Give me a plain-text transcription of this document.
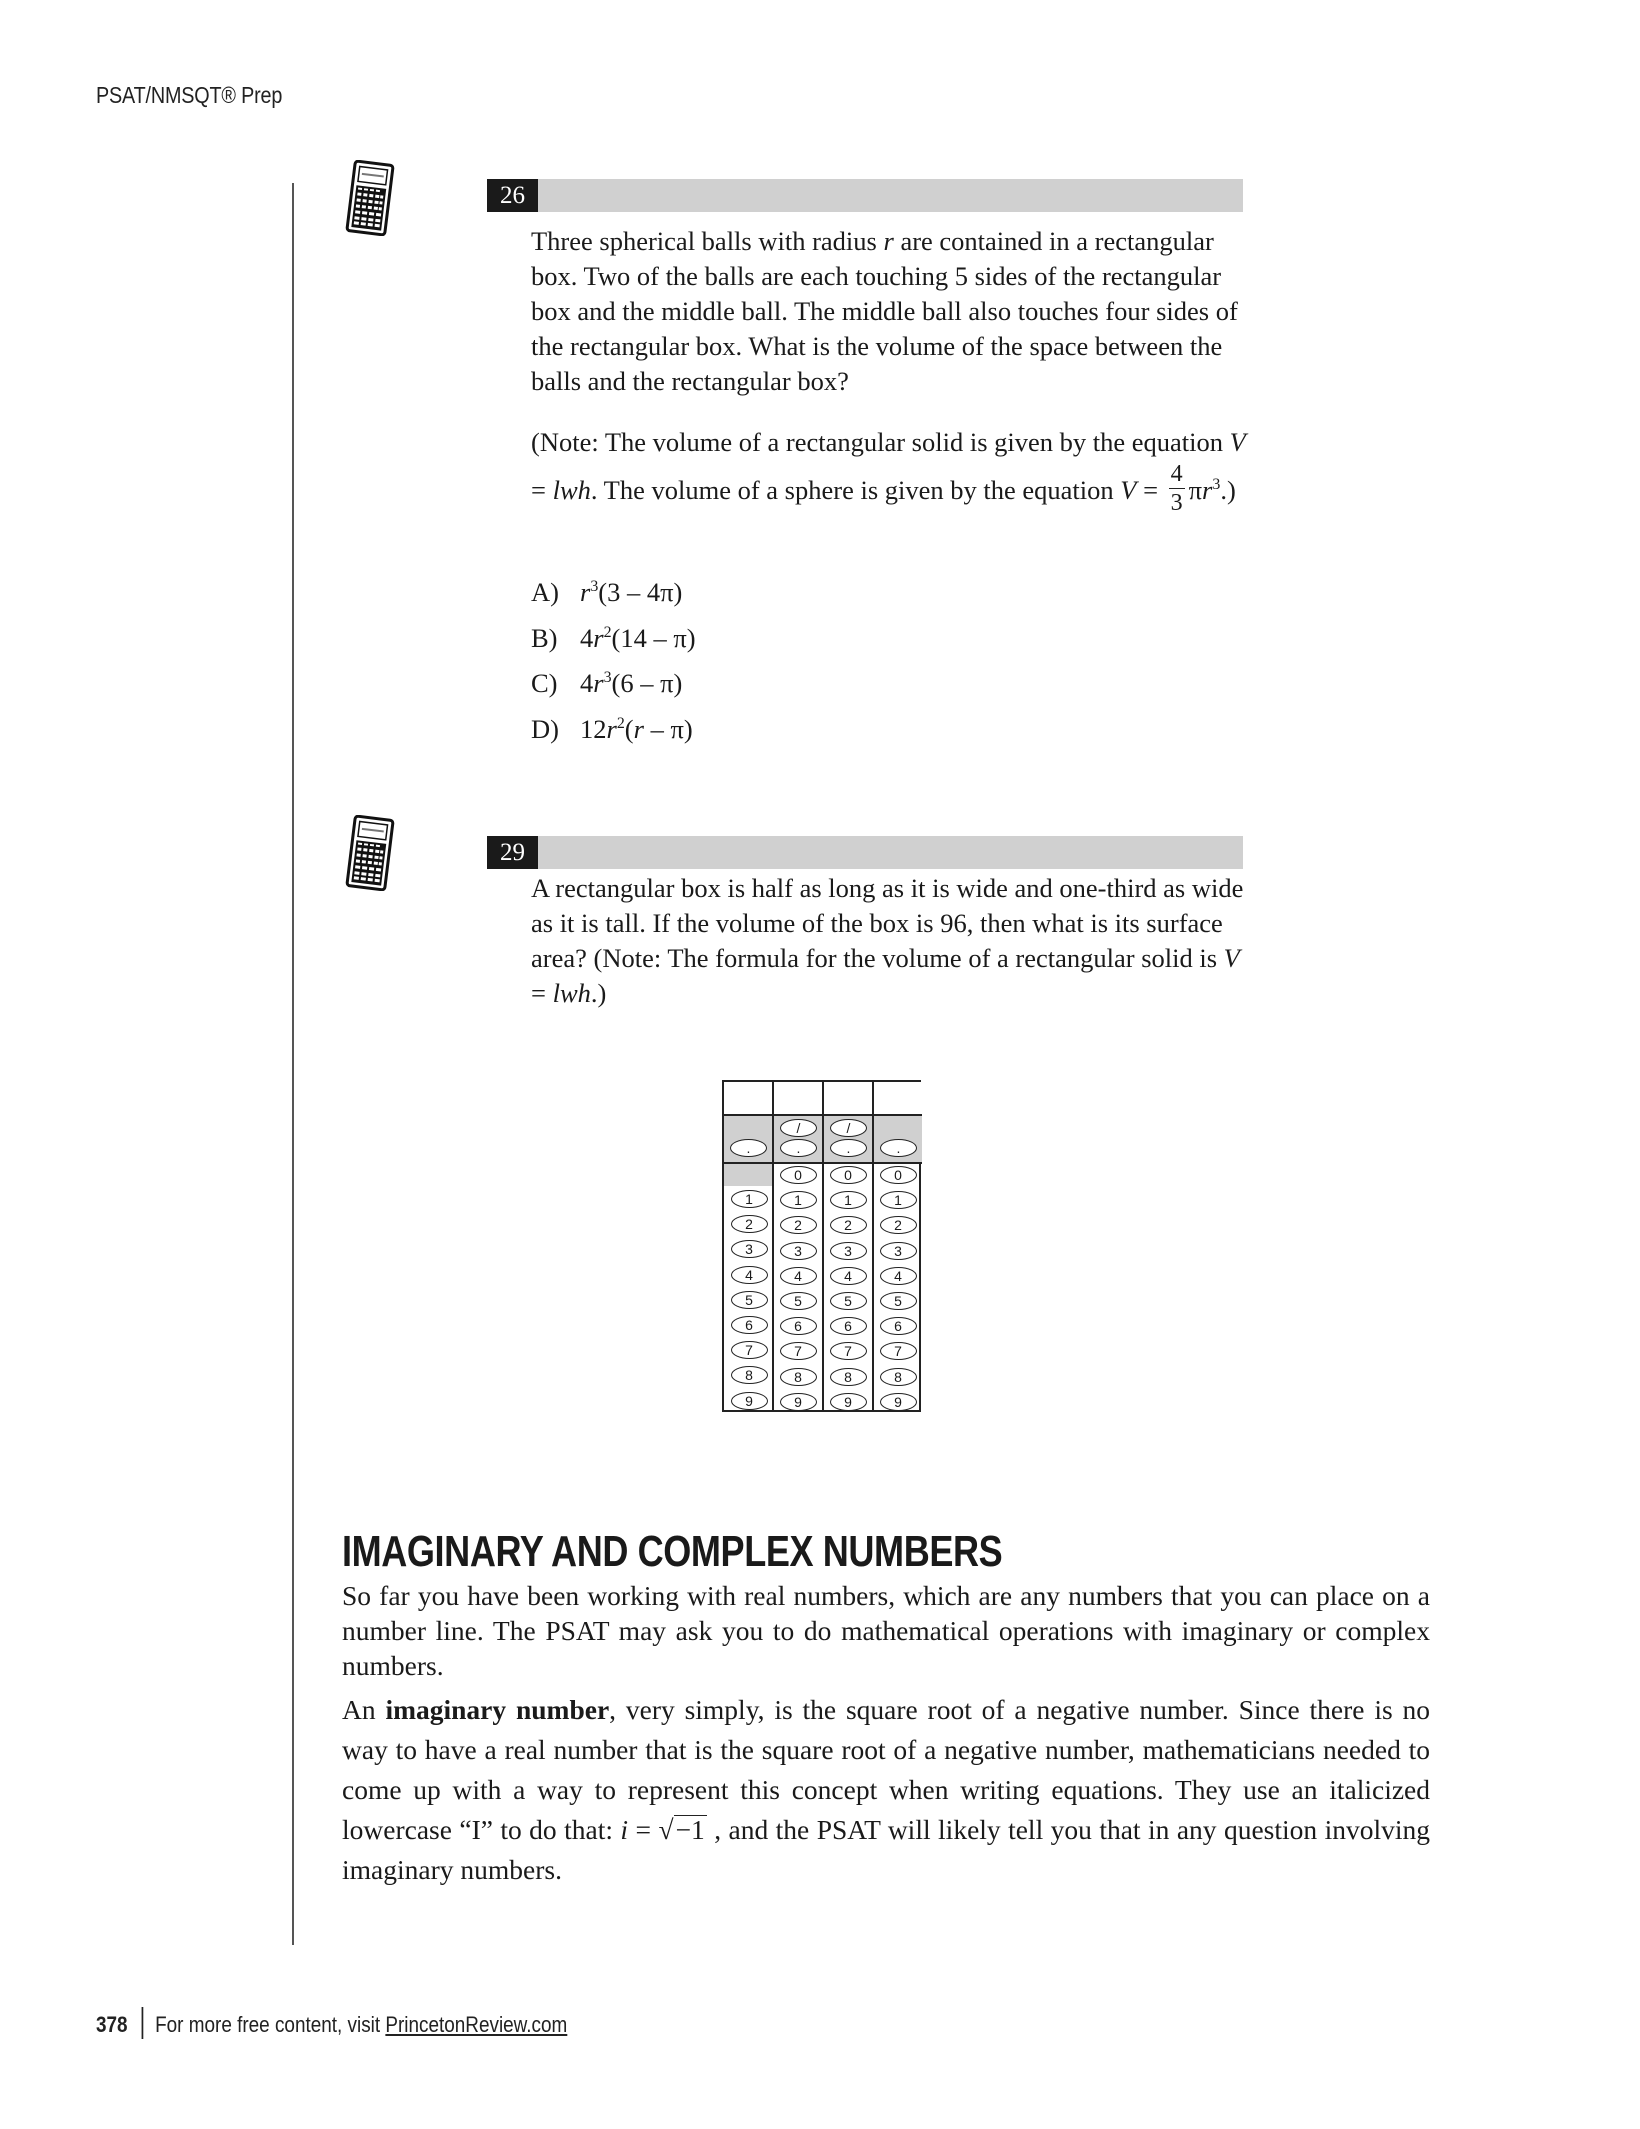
PSAT/NMSQT® Prep
26

Three spherical balls with radius r are contained in a rectangular box. Two of the balls are each touching 5 sides of the rectangular box and the middle ball. The middle ball also touches four sides of the rectangular box. What is the volume of the space between the balls and the rectangular box?

(Note: The volume of a rectangular solid is given by the equation V = lwh. The volume of a sphere is given by the equation $V = \frac{4}{3} \pi r^3$.)

A) $r^3(3 - 4\pi)$
B) $4r^2(14 - \pi)$
C) $4r^3(6 - \pi)$
D) $12r^2(r - \pi)$
29

A rectangular box is half as long as it is wide and one-third as wide as it is tall. If the volume of the box is 96, then what is its surface area? (Note: The formula for the volume of a rectangular solid is V = lwh.)

.
1
2
3
4
5
6
7
8
9
/
.
0
1
2
3
4
5
6
7
8
9
/
.
0
1
2
3
4
5
6
7
8
9
.
0
1
2
3
4
5
6
7
8
9
IMAGINARY AND COMPLEX NUMBERS

So far you have been working with real numbers, which are any numbers that you can place on a number line. The PSAT may ask you to do mathematical operations with imaginary or complex numbers.

An imaginary number, very simply, is the square root of a negative number. Since there is no way to have a real number that is the square root of a negative number, mathematicians needed to come up with a way to represent this concept when writing equations. They use an italicized lowercase “I” to do that: i = √−1 , and the PSAT will likely tell you that in any question involving imaginary numbers.

378 For more free content, visit PrincetonReview.com
